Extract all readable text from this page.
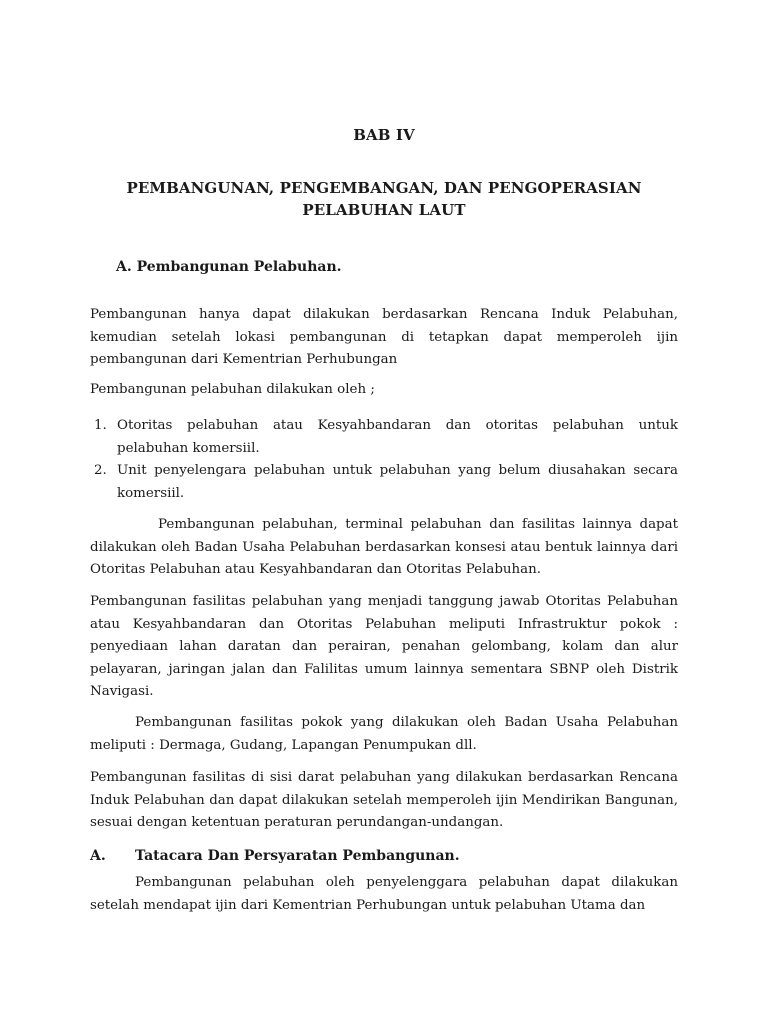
BAB IV
PEMBANGUNAN, PENGEMBANGAN, DAN PENGOPERASIAN PELABUHAN LAUT
A. Pembangunan Pelabuhan.
Pembangunan hanya dapat dilakukan berdasarkan Rencana Induk Pelabuhan, kemudian setelah lokasi pembangunan di tetapkan dapat memperoleh ijin pembangunan dari Kementrian Perhubungan
Pembangunan pelabuhan dilakukan oleh ;
1. Otoritas pelabuhan atau Kesyahbandaran dan otoritas pelabuhan untuk pelabuhan komersiil.
2. Unit penyelengara pelabuhan untuk pelabuhan yang belum diusahakan secara komersiil.
Pembangunan pelabuhan, terminal pelabuhan dan fasilitas lainnya dapat dilakukan oleh Badan Usaha Pelabuhan berdasarkan konsesi atau bentuk lainnya dari Otoritas Pelabuhan atau Kesyahbandaran dan Otoritas Pelabuhan.
Pembangunan fasilitas pelabuhan yang menjadi tanggung jawab Otoritas Pelabuhan atau Kesyahbandaran dan Otoritas Pelabuhan meliputi Infrastruktur pokok : penyediaan lahan daratan dan perairan, penahan gelombang, kolam dan alur pelayaran, jaringan jalan dan Falilitas umum lainnya sementara SBNP oleh Distrik Navigasi.
Pembangunan fasilitas pokok yang dilakukan oleh Badan Usaha Pelabuhan meliputi : Dermaga, Gudang, Lapangan Penumpukan dll.
Pembangunan fasilitas di sisi darat pelabuhan yang dilakukan berdasarkan Rencana Induk Pelabuhan dan dapat dilakukan setelah memperoleh ijin Mendirikan Bangunan, sesuai dengan ketentuan peraturan perundangan-undangan.
A. Tatacara Dan Persyaratan Pembangunan.
Pembangunan pelabuhan oleh penyelenggara pelabuhan dapat dilakukan setelah mendapat ijin dari Kementrian Perhubungan untuk pelabuhan Utama dan
